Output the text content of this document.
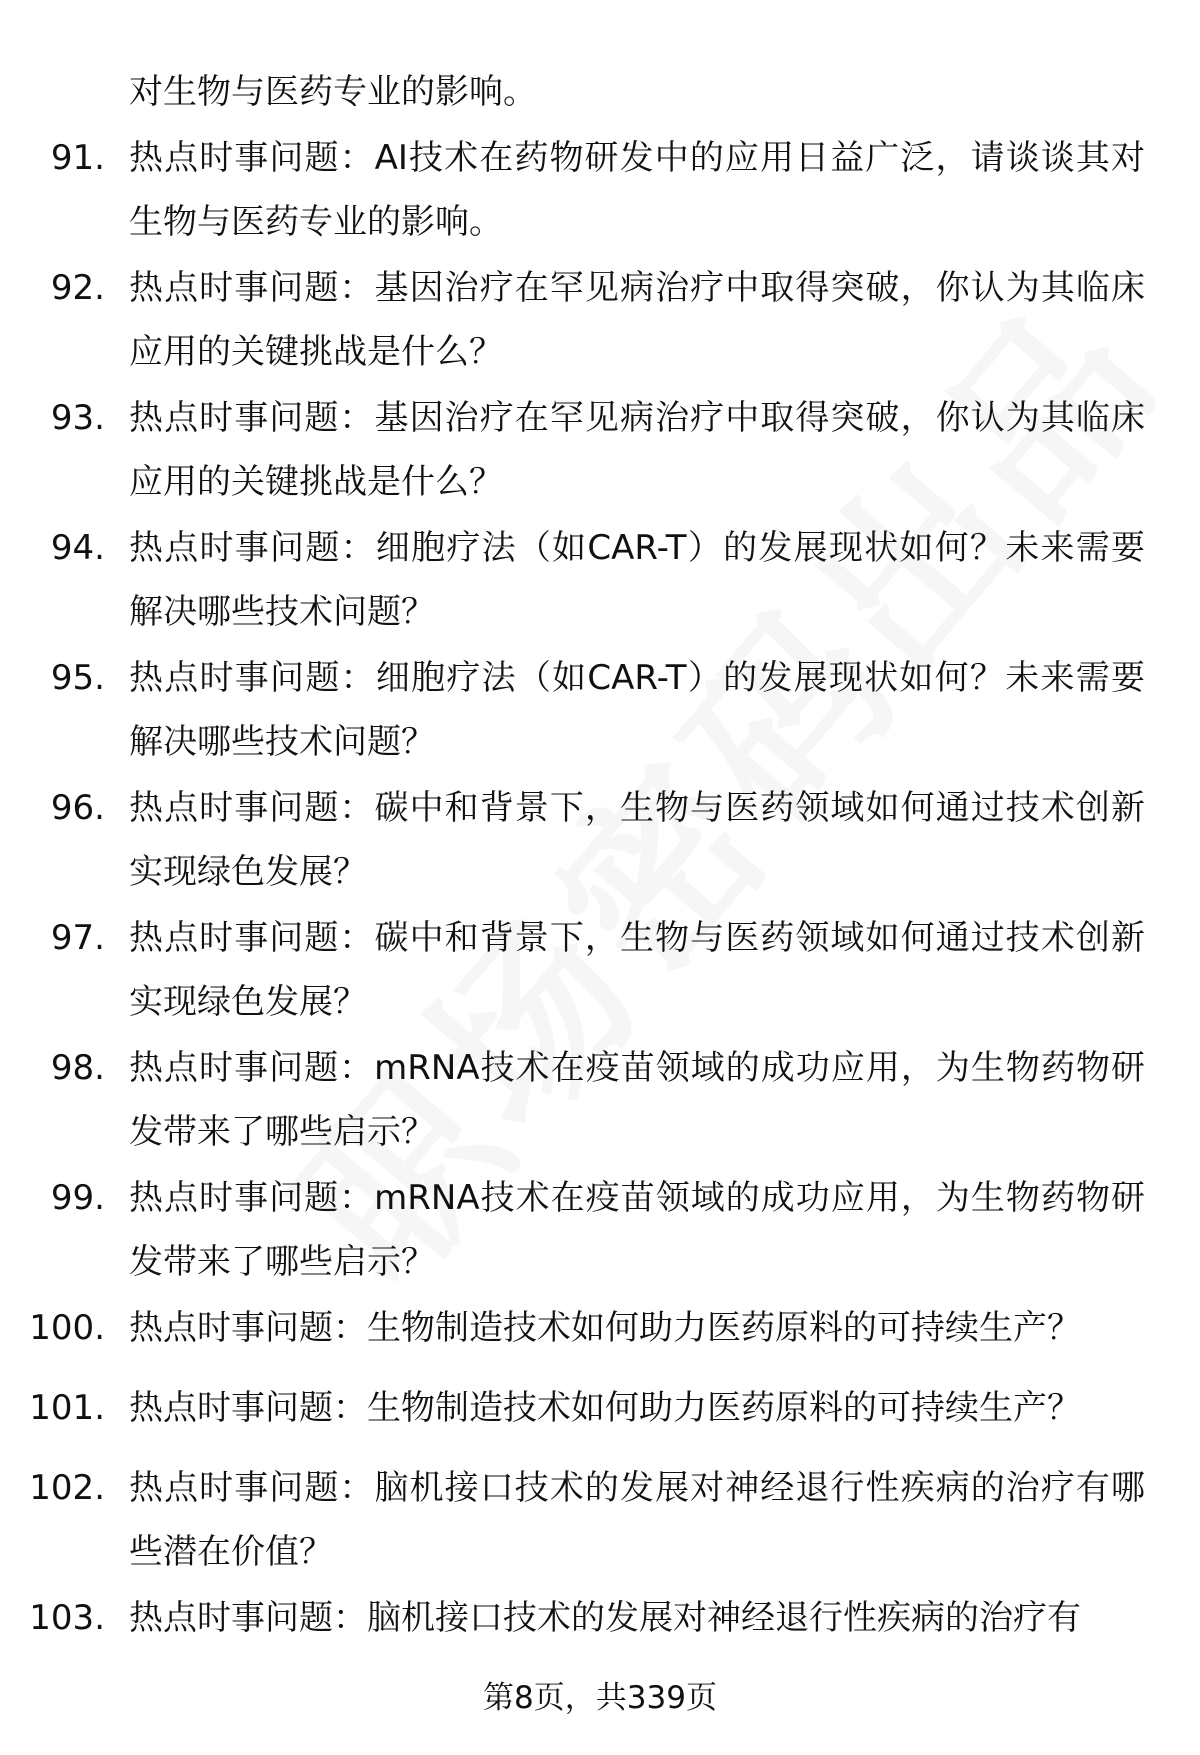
对生物与医药专业的影响。
91. 热点时事问题：AI技术在药物研发中的应用日益广泛，请谈谈其对生物与医药专业的影响。
92. 热点时事问题：基因治疗在罕见病治疗中取得突破，你认为其临床应用的关键挑战是什么？
93. 热点时事问题：基因治疗在罕见病治疗中取得突破，你认为其临床应用的关键挑战是什么？
94. 热点时事问题：细胞疗法（如CAR-T）的发展现状如何？未来需要解决哪些技术问题？
95. 热点时事问题：细胞疗法（如CAR-T）的发展现状如何？未来需要解决哪些技术问题？
96. 热点时事问题：碳中和背景下，生物与医药领域如何通过技术创新实现绿色发展？
97. 热点时事问题：碳中和背景下，生物与医药领域如何通过技术创新实现绿色发展？
98. 热点时事问题：mRNA技术在疫苗领域的成功应用，为生物药物研发带来了哪些启示？
99. 热点时事问题：mRNA技术在疫苗领域的成功应用，为生物药物研发带来了哪些启示？
100. 热点时事问题：生物制造技术如何助力医药原料的可持续生产？
101. 热点时事问题：生物制造技术如何助力医药原料的可持续生产？
102. 热点时事问题：脑机接口技术的发展对神经退行性疾病的治疗有哪些潜在价值？
103. 热点时事问题：脑机接口技术的发展对神经退行性疾病的治疗有
第8页，共339页
